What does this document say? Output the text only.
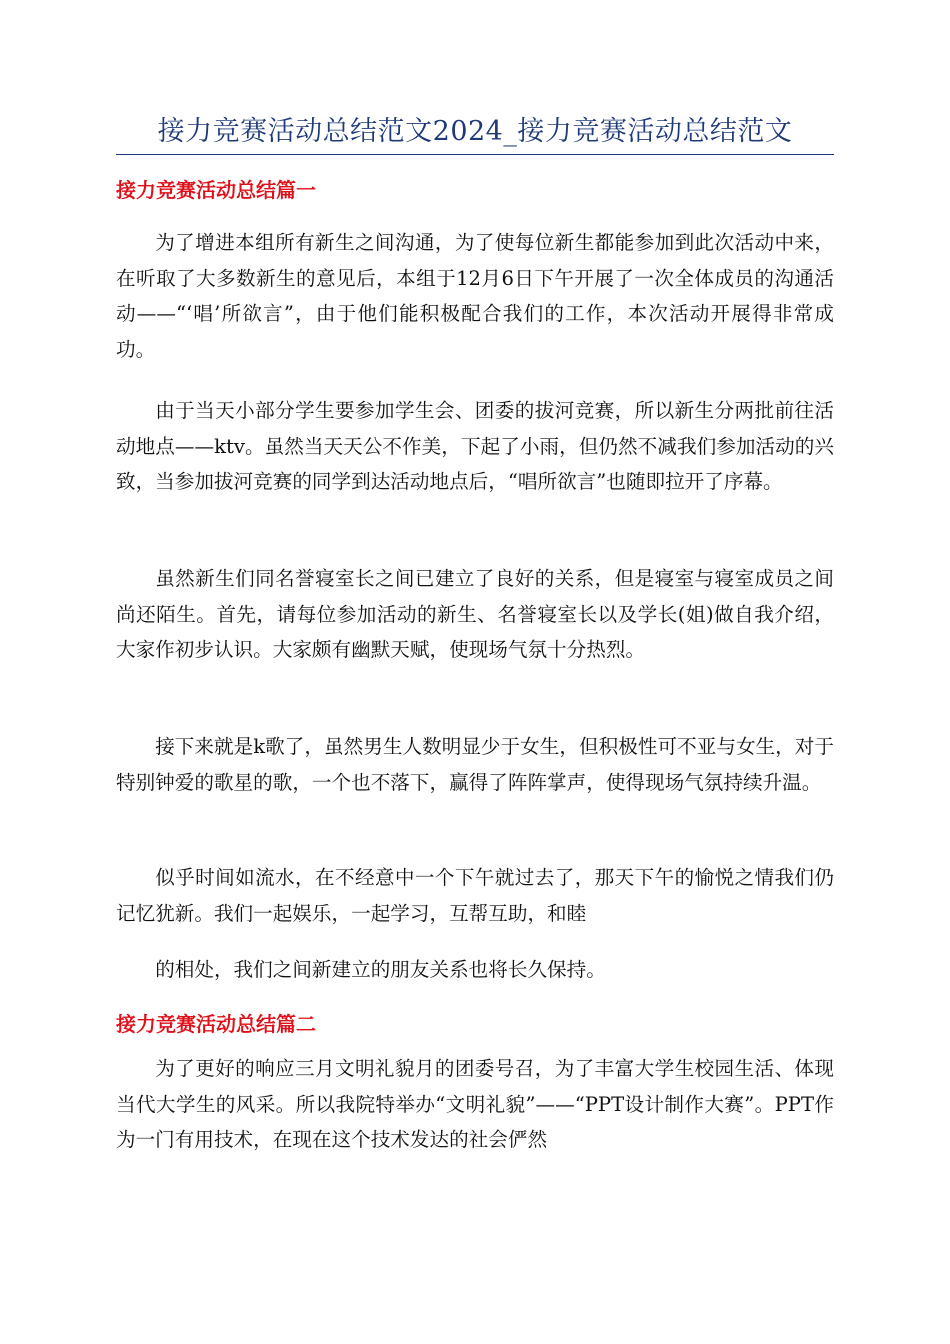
接力竞赛活动总结范文2024_接力竞赛活动总结范文
接力竞赛活动总结篇一

为了增进本组所有新生之间沟通，为了使每位新生都能参加到此次活动中来，在听取了大多数新生的意见后，本组于12月6日下午开展了一次全体成员的沟通活动——“‘唱’所欲言”，由于他们能积极配合我们的工作，本次活动开展得非常成功。

由于当天小部分学生要参加学生会、团委的拔河竞赛，所以新生分两批前往活动地点——ktv。虽然当天天公不作美，下起了小雨，但仍然不减我们参加活动的兴致，当参加拔河竞赛的同学到达活动地点后，“唱所欲言”也随即拉开了序幕。

虽然新生们同名誉寝室长之间已建立了良好的关系，但是寝室与寝室成员之间尚还陌生。首先，请每位参加活动的新生、名誉寝室长以及学长(姐)做自我介绍，大家作初步认识。大家颇有幽默天赋，使现场气氛十分热烈。

接下来就是k歌了，虽然男生人数明显少于女生，但积极性可不亚与女生，对于特别钟爱的歌星的歌，一个也不落下，赢得了阵阵掌声，使得现场气氛持续升温。

似乎时间如流水，在不经意中一个下午就过去了，那天下午的愉悦之情我们仍记忆犹新。我们一起娱乐，一起学习，互帮互助，和睦

的相处，我们之间新建立的朋友关系也将长久保持。

接力竞赛活动总结篇二

为了更好的响应三月文明礼貌月的团委号召，为了丰富大学生校园生活、体现当代大学生的风采。所以我院特举办“文明礼貌”——“PPT设计制作大赛”。PPT作为一门有用技术，在现在这个技术发达的社会俨然
